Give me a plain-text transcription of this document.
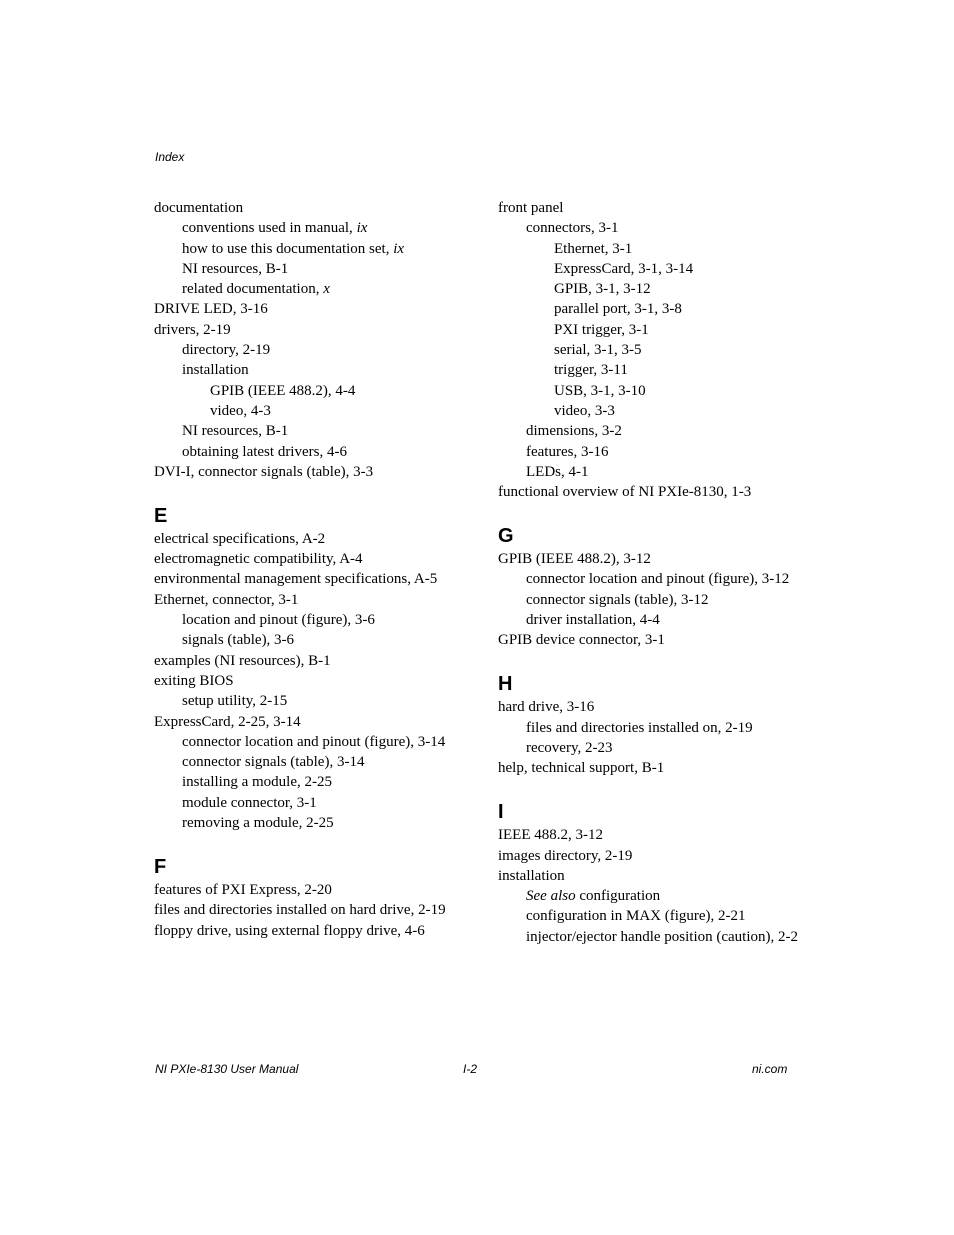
Index
documentation
conventions used in manual, ix
how to use this documentation set, ix
NI resources, B-1
related documentation, x
DRIVE LED, 3-16
drivers, 2-19
directory, 2-19
installation
GPIB (IEEE 488.2), 4-4
video, 4-3
NI resources, B-1
obtaining latest drivers, 4-6
DVI-I, connector signals (table), 3-3
E
electrical specifications, A-2
electromagnetic compatibility, A-4
environmental management specifications, A-5
Ethernet, connector, 3-1
location and pinout (figure), 3-6
signals (table), 3-6
examples (NI resources), B-1
exiting BIOS
setup utility, 2-15
ExpressCard, 2-25, 3-14
connector location and pinout (figure), 3-14
connector signals (table), 3-14
installing a module, 2-25
module connector, 3-1
removing a module, 2-25
F
features of PXI Express, 2-20
files and directories installed on hard drive, 2-19
floppy drive, using external floppy drive, 4-6
front panel
connectors, 3-1
Ethernet, 3-1
ExpressCard, 3-1, 3-14
GPIB, 3-1, 3-12
parallel port, 3-1, 3-8
PXI trigger, 3-1
serial, 3-1, 3-5
trigger, 3-11
USB, 3-1, 3-10
video, 3-3
dimensions, 3-2
features, 3-16
LEDs, 4-1
functional overview of NI PXIe-8130, 1-3
G
GPIB (IEEE 488.2), 3-12
connector location and pinout (figure), 3-12
connector signals (table), 3-12
driver installation, 4-4
GPIB device connector, 3-1
H
hard drive, 3-16
files and directories installed on, 2-19
recovery, 2-23
help, technical support, B-1
I
IEEE 488.2, 3-12
images directory, 2-19
installation
See also configuration
configuration in MAX (figure), 2-21
injector/ejector handle position (caution), 2-2
NI PXIe-8130 User Manual	I-2	ni.com
